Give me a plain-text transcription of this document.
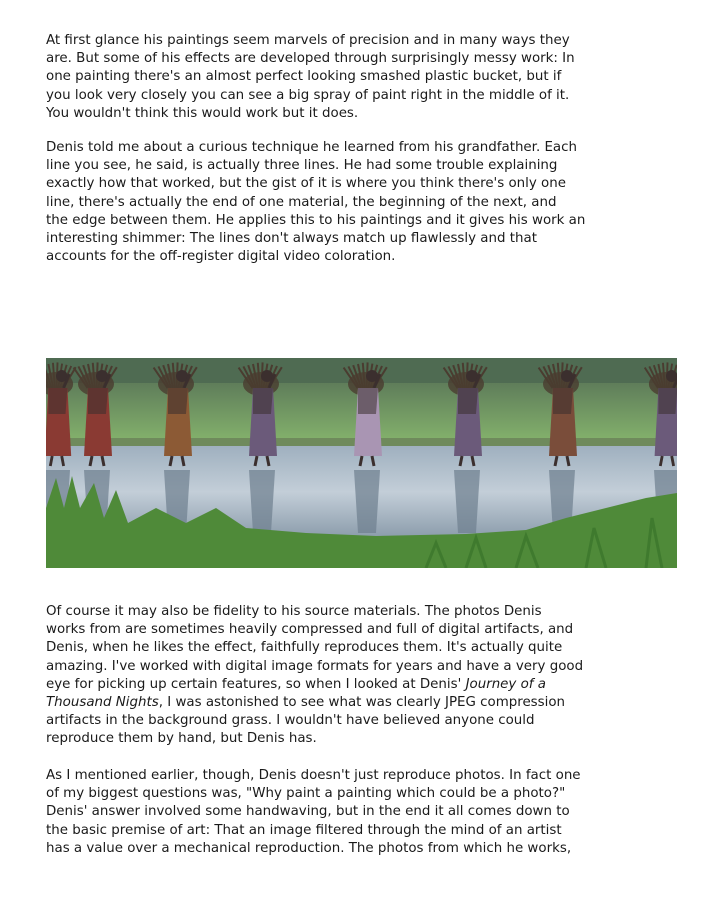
At first glance his paintings seem marvels of precision and in many ways they
are. But some of his effects are developed through surprisingly messy work: In
one painting there's an almost perfect looking smashed plastic bucket, but if
you look very closely you can see a big spray of paint right in the middle of it.
You wouldn't think this would work but it does.

Denis told me about a curious technique he learned from his grandfather. Each
line you see, he said, is actually three lines. He had some trouble explaining
exactly how that worked, but the gist of it is where you think there's only one
line, there's actually the end of one material, the beginning of the next, and
the edge between them. He applies this to his paintings and it gives his work an
interesting shimmer: The lines don't always match up flawlessly and that
accounts for the off-register digital video coloration.

Of course it may also be fidelity to his source materials. The photos Denis
works from are sometimes heavily compressed and full of digital artifacts, and
Denis, when he likes the effect, faithfully reproduces them. It's actually quite
amazing. I've worked with digital image formats for years and have a very good
eye for picking up certain features, so when I looked at Denis' Journey of a
Thousand Nights, I was astonished to see what was clearly JPEG compression
artifacts in the background grass. I wouldn't have believed anyone could
reproduce them by hand, but Denis has.

As I mentioned earlier, though, Denis doesn't just reproduce photos. In fact one
of my biggest questions was, "Why paint a painting which could be a photo?"
Denis' answer involved some handwaving, but in the end it all comes down to
the basic premise of art: That an image filtered through the mind of an artist
has a value over a mechanical reproduction. The photos from which he works,
